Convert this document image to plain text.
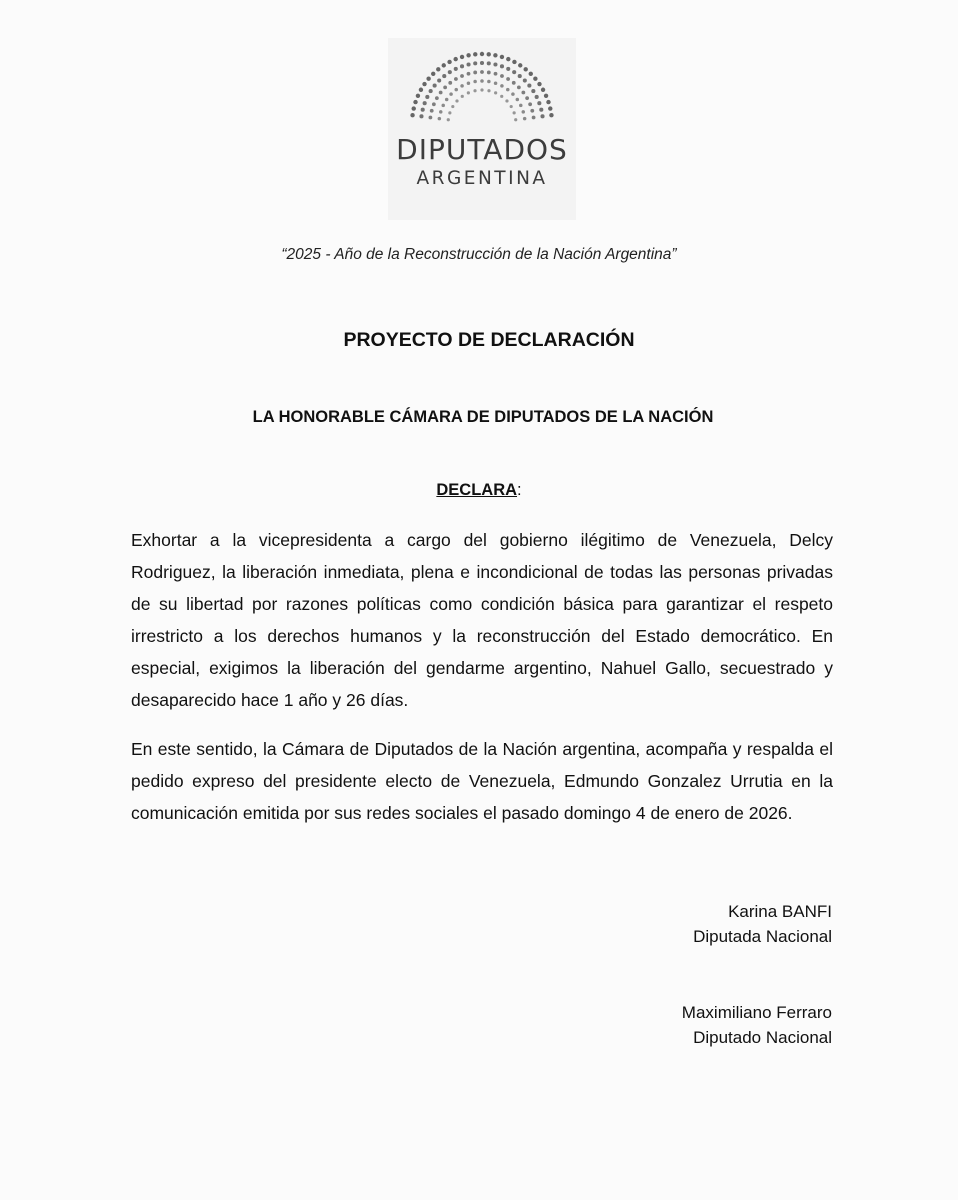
DIPUTADOS
ARGENTINA
“2025 - Año de la Reconstrucción de la Nación Argentina”
PROYECTO DE DECLARACIÓN
LA HONORABLE CÁMARA DE DIPUTADOS DE LA NACIÓN
DECLARA:

Exhortar a la vicepresidenta a cargo del gobierno ilégitimo de Venezuela, Delcy Rodriguez, la liberación inmediata, plena e incondicional de todas las personas privadas de su libertad por razones políticas como condición básica para garantizar el respeto irrestricto a los derechos humanos y la reconstrucción del Estado democrático. En especial, exigimos la liberación del gendarme argentino, Nahuel Gallo, secuestrado y desaparecido hace 1 año y 26 días.

En este sentido, la Cámara de Diputados de la Nación argentina, acompaña y respalda el pedido expreso del presidente electo de Venezuela, Edmundo Gonzalez Urrutia en la comunicación emitida por sus redes sociales el pasado domingo 4 de enero de 2026.

Karina BANFI
Diputada Nacional
Maximiliano Ferraro
Diputado Nacional
